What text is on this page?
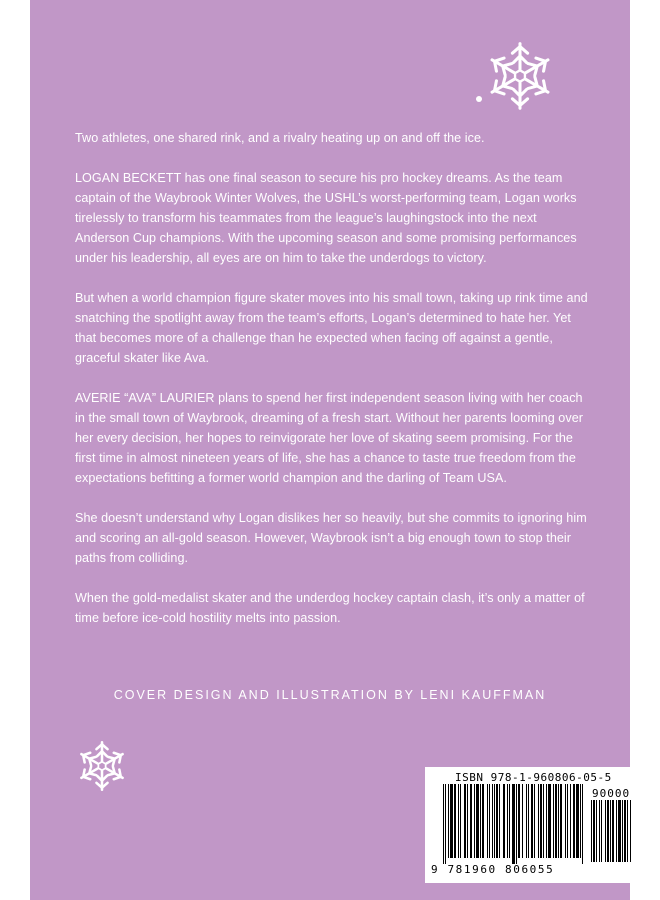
Two athletes, one shared rink, and a rivalry heating up on and off the ice.

LOGAN BECKETT has one final season to secure his pro hockey dreams. As the team captain of the Waybrook Winter Wolves, the USHL’s worst-performing team, Logan works tirelessly to transform his teammates from the league’s laughingstock into the next Anderson Cup champions. With the upcoming season and some promising performances under his leadership, all eyes are on him to take the underdogs to victory.

But when a world champion figure skater moves into his small town, taking up rink time and snatching the spotlight away from the team’s efforts, Logan’s determined to hate her. Yet that becomes more of a challenge than he expected when facing off against a gentle, graceful skater like Ava.

AVERIE “AVA” LAURIER plans to spend her first independent season living with her coach in the small town of Waybrook, dreaming of a fresh start. Without her parents looming over her every decision, her hopes to reinvigorate her love of skating seem promising. For the first time in almost nineteen years of life, she has a chance to taste true freedom from the expectations befitting a former world champion and the darling of Team USA.

She doesn’t understand why Logan dislikes her so heavily, but she commits to ignoring him and scoring an all-gold season. However, Waybrook isn’t a big enough town to stop their paths from colliding.

When the gold-medalist skater and the underdog hockey captain clash, it’s only a matter of time before ice-cold hostility melts into passion.

COVER DESIGN AND ILLUSTRATION BY LENI KAUFFMAN
ISBN 978-1-960806-05-5
90000
9 781960 806055
